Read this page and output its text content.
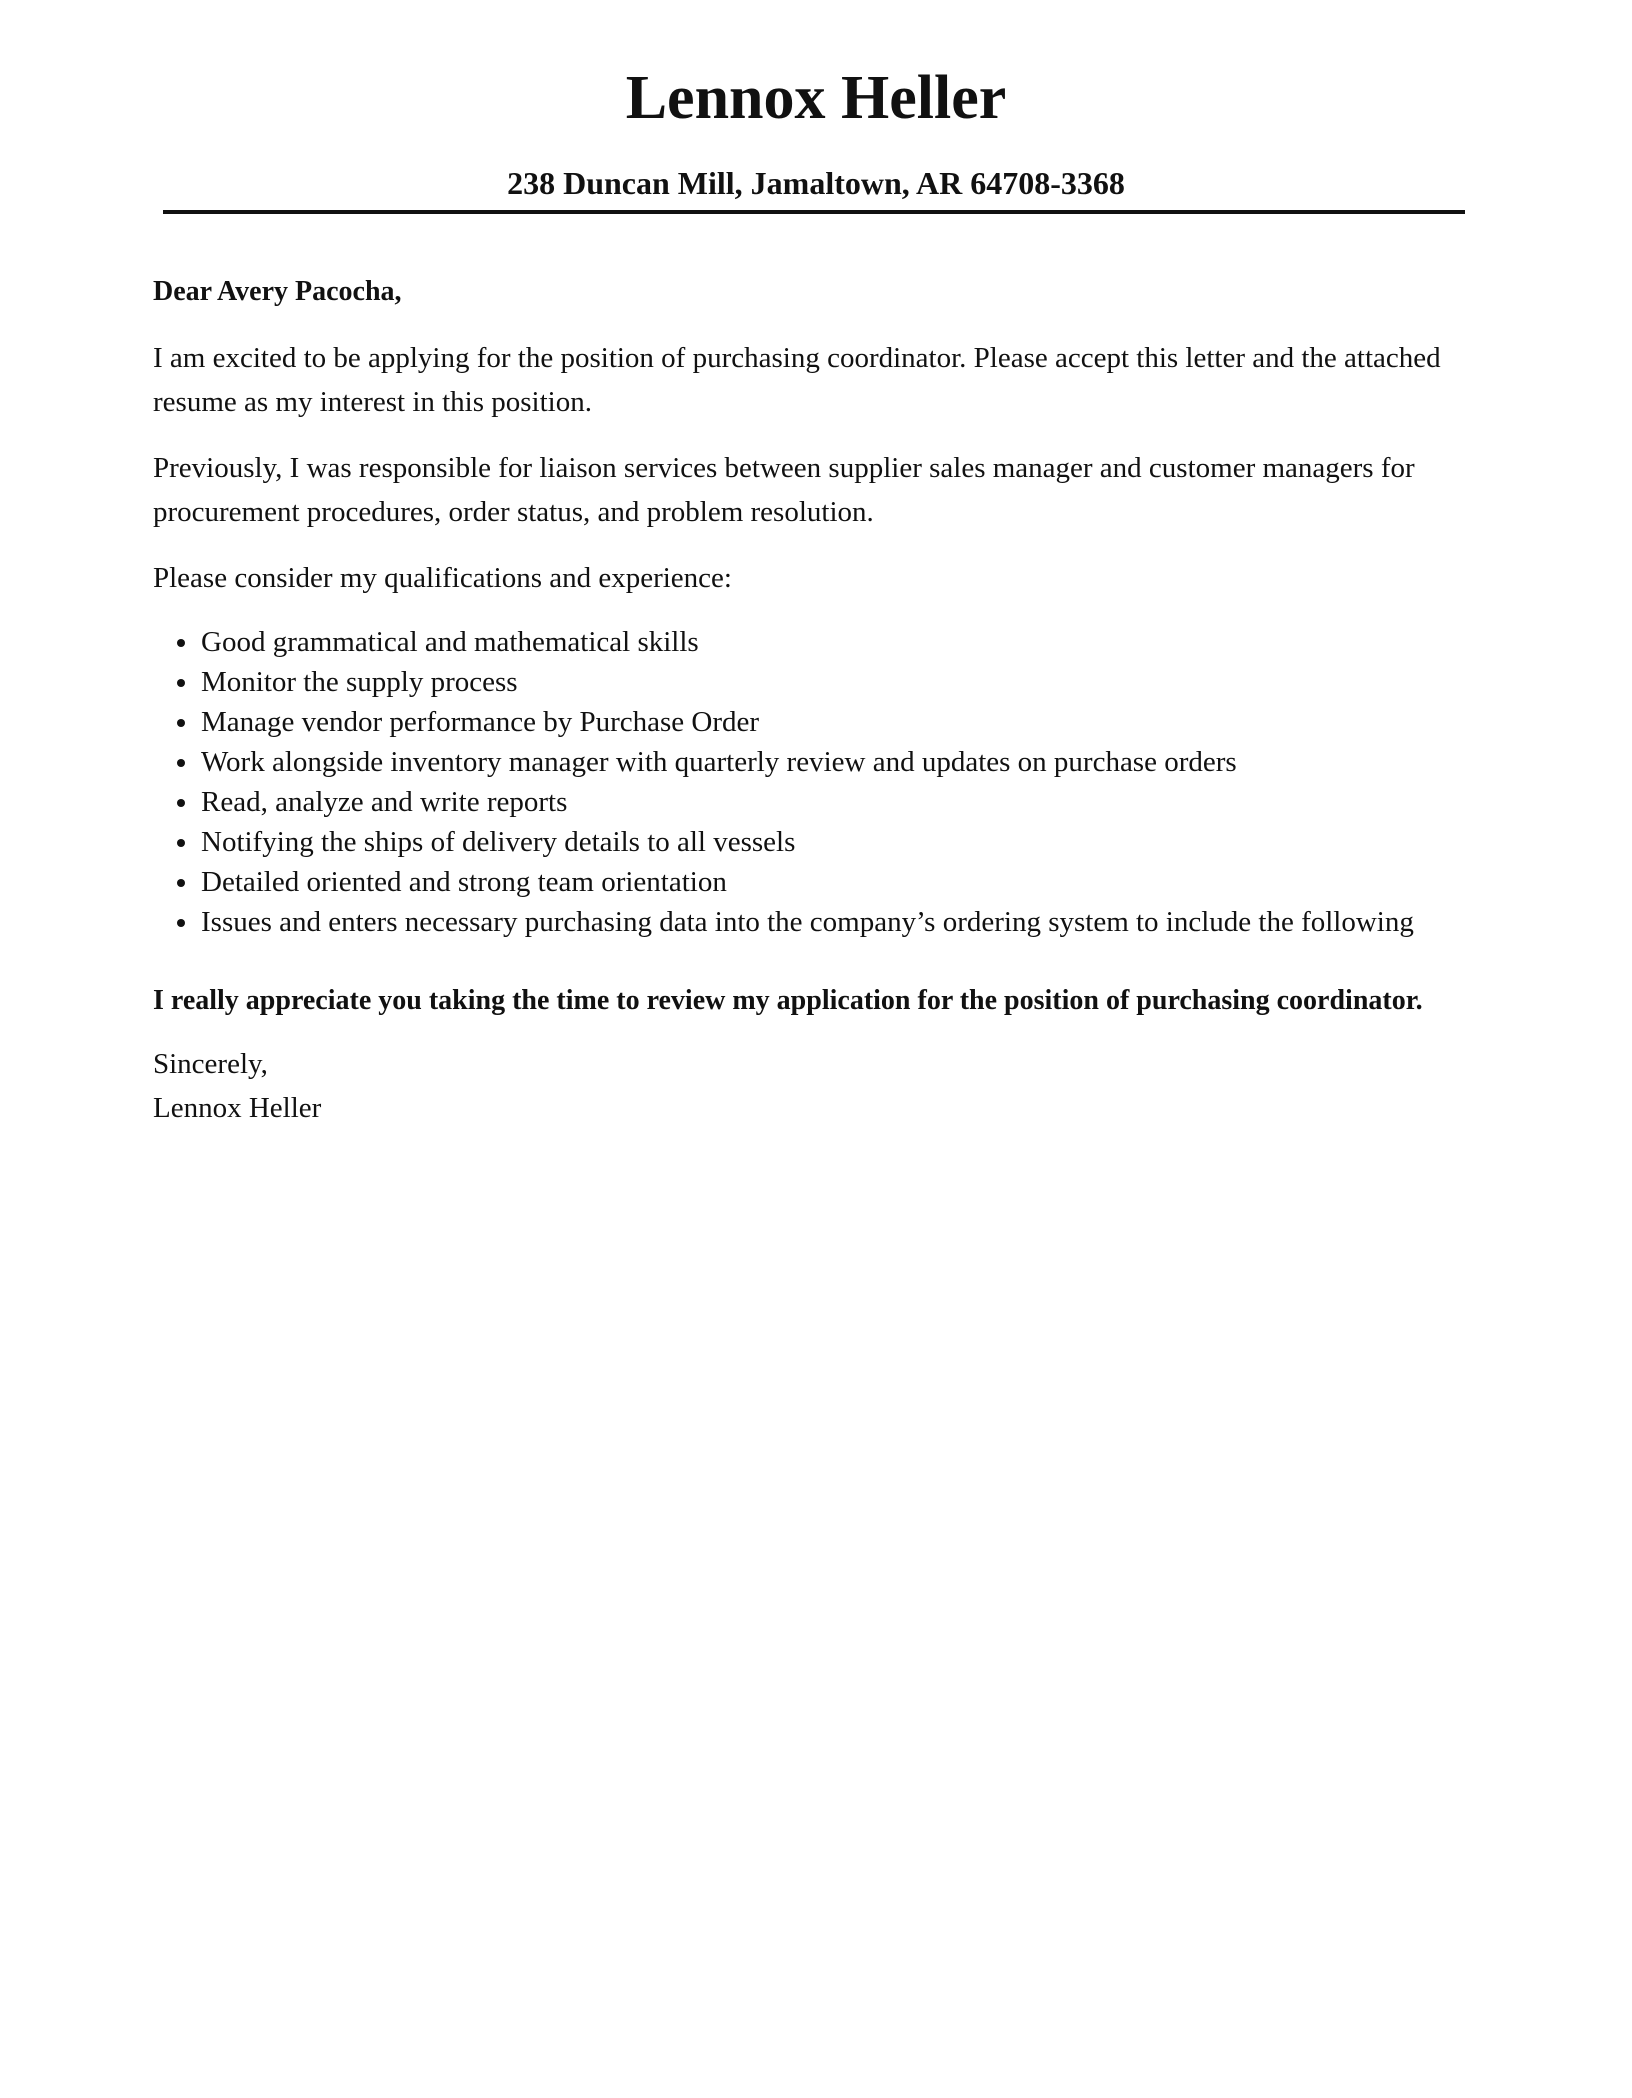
Lennox Heller
238 Duncan Mill, Jamaltown, AR 64708-3368

Dear Avery Pacocha,

I am excited to be applying for the position of purchasing coordinator. Please accept this letter and the attached resume as my interest in this position.

Previously, I was responsible for liaison services between supplier sales manager and customer managers for procurement procedures, order status, and problem resolution.

Please consider my qualifications and experience:

Good grammatical and mathematical skills
Monitor the supply process
Manage vendor performance by Purchase Order
Work alongside inventory manager with quarterly review and updates on purchase orders
Read, analyze and write reports
Notifying the ships of delivery details to all vessels
Detailed oriented and strong team orientation
Issues and enters necessary purchasing data into the company’s ordering system to include the following

I really appreciate you taking the time to review my application for the position of purchasing coordinator.

Sincerely,

Lennox Heller
